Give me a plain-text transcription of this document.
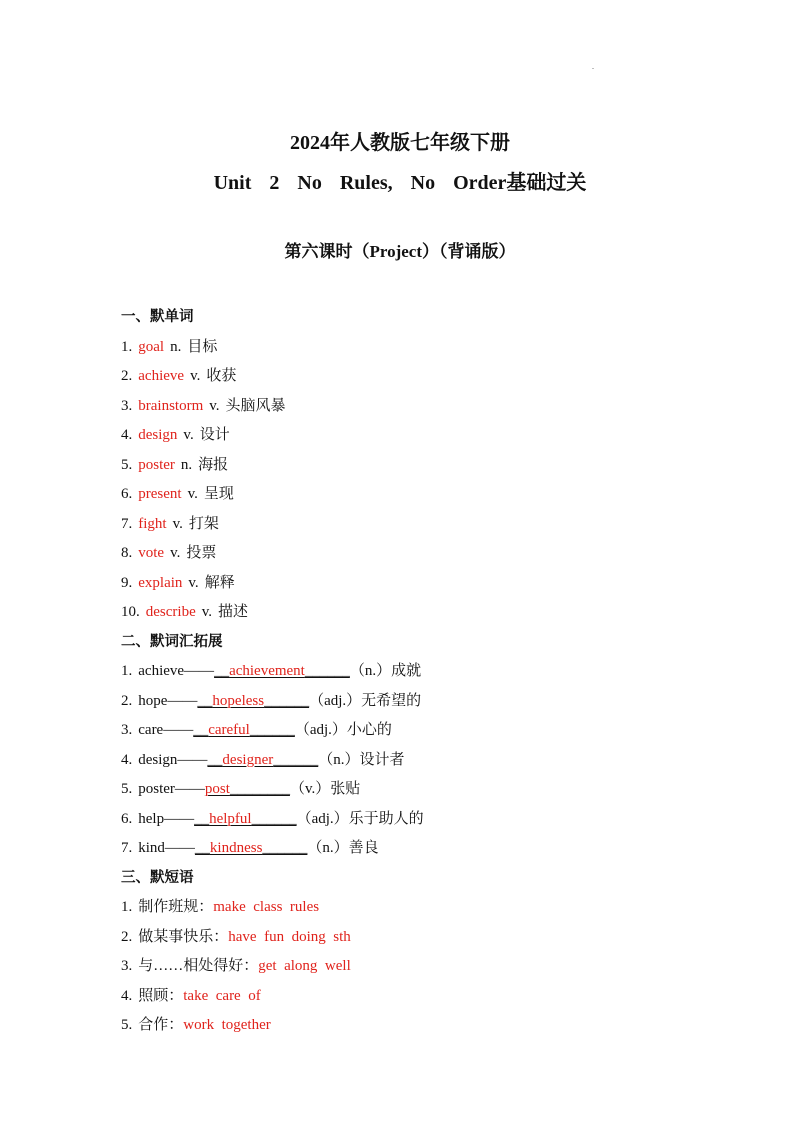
.
2024年人教版七年级下册
Unit  2  No  Rules,  No  Order基础过关
第六课时（Project）（背诵版）
一、默单词
1. goal n. 目标
2. achieve v. 收获
3. brainstorm v. 头脑风暴
4. design v. 设计
5. poster n. 海报
6. present v. 呈现
7. fight v. 打架
8. vote v. 投票
9. explain v. 解释
10. describe v. 描述
二、默词汇拓展
1. achieve——__achievement______（n.）成就
2. hope——__hopeless______（adj.）无希望的
3. care——__careful______（adj.）小心的
4. design——__designer______（n.）设计者
5. poster——post________（v.）张贴
6. help——__helpful______（adj.）乐于助人的
7. kind——__kindness______（n.）善良
三、默短语
1. 制作班规：make  class  rules
2. 做某事快乐：have  fun  doing  sth
3. 与……相处得好：get  along  well
4. 照顾：take  care  of
5. 合作：work  together
